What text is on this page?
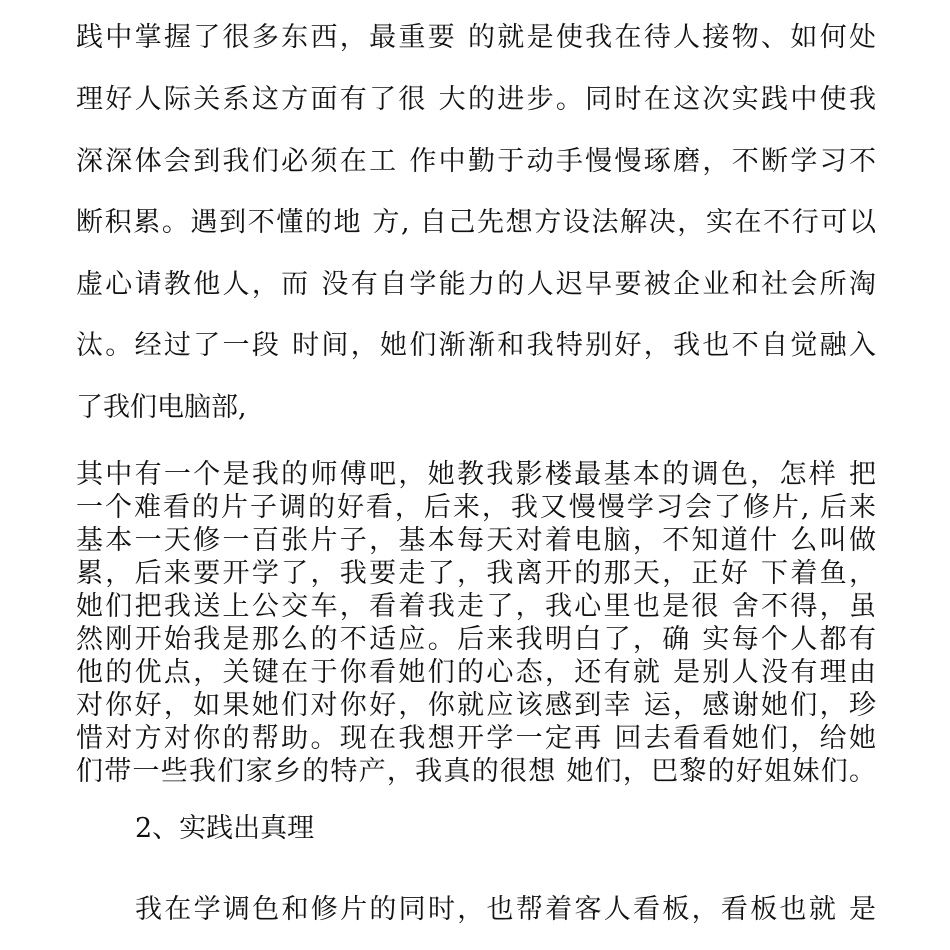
践中掌握了很多东西，最重要 的就是使我在待人接物、如何处
理好人际关系这方面有了很 大的进步。同时在这次实践中使我
深深体会到我们必须在工 作中勤于动手慢慢琢磨，不断学习不
断积累。遇到不懂的地 方, 自己先想方设法解决，实在不行可以
虚心请教他人，而 没有自学能力的人迟早要被企业和社会所淘
汰。经过了一段 时间，她们渐渐和我特别好，我也不自觉融入
了我们电脑部,
其中有一个是我的师傅吧，她教我影楼最基本的调色，怎样 把
一个难看的片子调的好看，后来，我又慢慢学习会了修片, 后来
基本一天修一百张片子，基本每天对着电脑，不知道什 么叫做
累，后来要开学了，我要走了，我离开的那天，正好 下着鱼，
她们把我送上公交车，看着我走了，我心里也是很 舍不得，虽
然刚开始我是那么的不适应。后来我明白了，确 实每个人都有
他的优点，关键在于你看她们的心态，还有就 是别人没有理由
对你好，如果她们对你好，你就应该感到幸 运，感谢她们，珍
惜对方对你的帮助。现在我想开学一定再 回去看看她们，给她
们带一些我们家乡的特产，我真的很想 她们，巴黎的好姐妹们。
2、实践出真理
我在学调色和修片的同时，也帮着客人看板，看板也就 是
